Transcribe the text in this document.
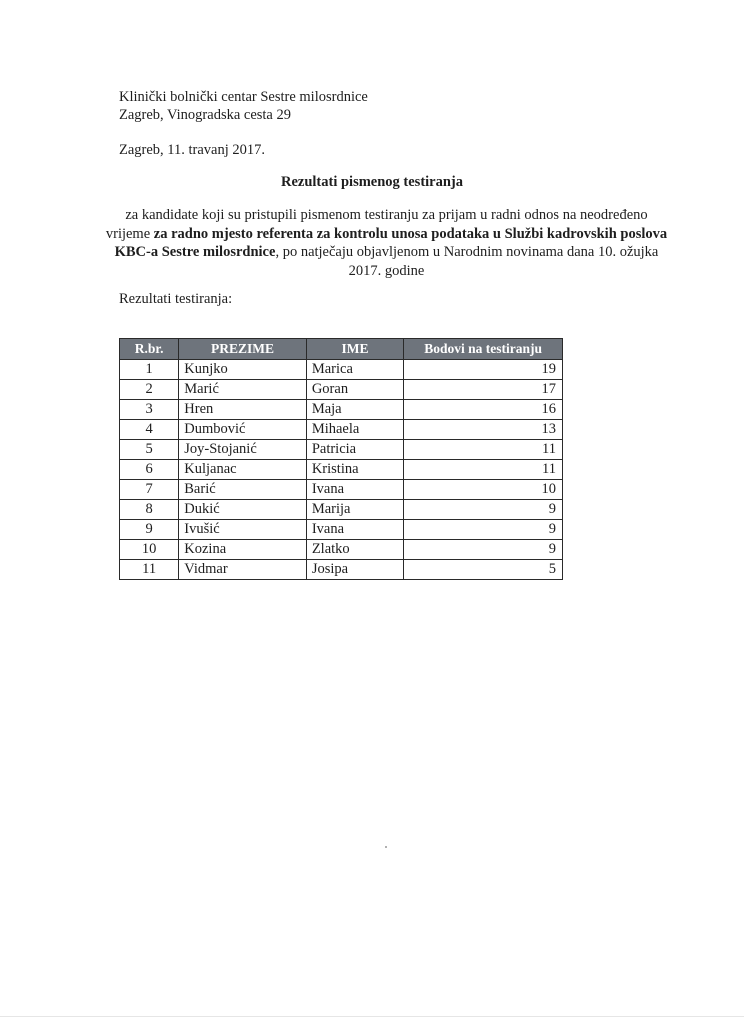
Klinički bolnički centar Sestre milosrdnice
Zagreb, Vinogradska cesta 29
Zagreb, 11. travanj 2017.
Rezultati pismenog testiranja
za kandidate koji su pristupili pismenom testiranju za prijam u radni odnos na neodređeno vrijeme za radno mjesto referenta za kontrolu unosa podataka u Službi kadrovskih poslova KBC-a Sestre milosrdnice, po natječaju objavljenom u Narodnim novinama dana 10. ožujka 2017. godine
Rezultati testiranja:
R.br.	PREZIME	IME	Bodovi na testiranju
1	Kunjko	Marica	19
2	Marić	Goran	17
3	Hren	Maja	16
4	Dumbović	Mihaela	13
5	Joy-Stojanić	Patricia	11
6	Kuljanac	Kristina	11
7	Barić	Ivana	10
8	Dukić	Marija	9
9	Ivušić	Ivana	9
10	Kozina	Zlatko	9
11	Vidmar	Josipa	5
